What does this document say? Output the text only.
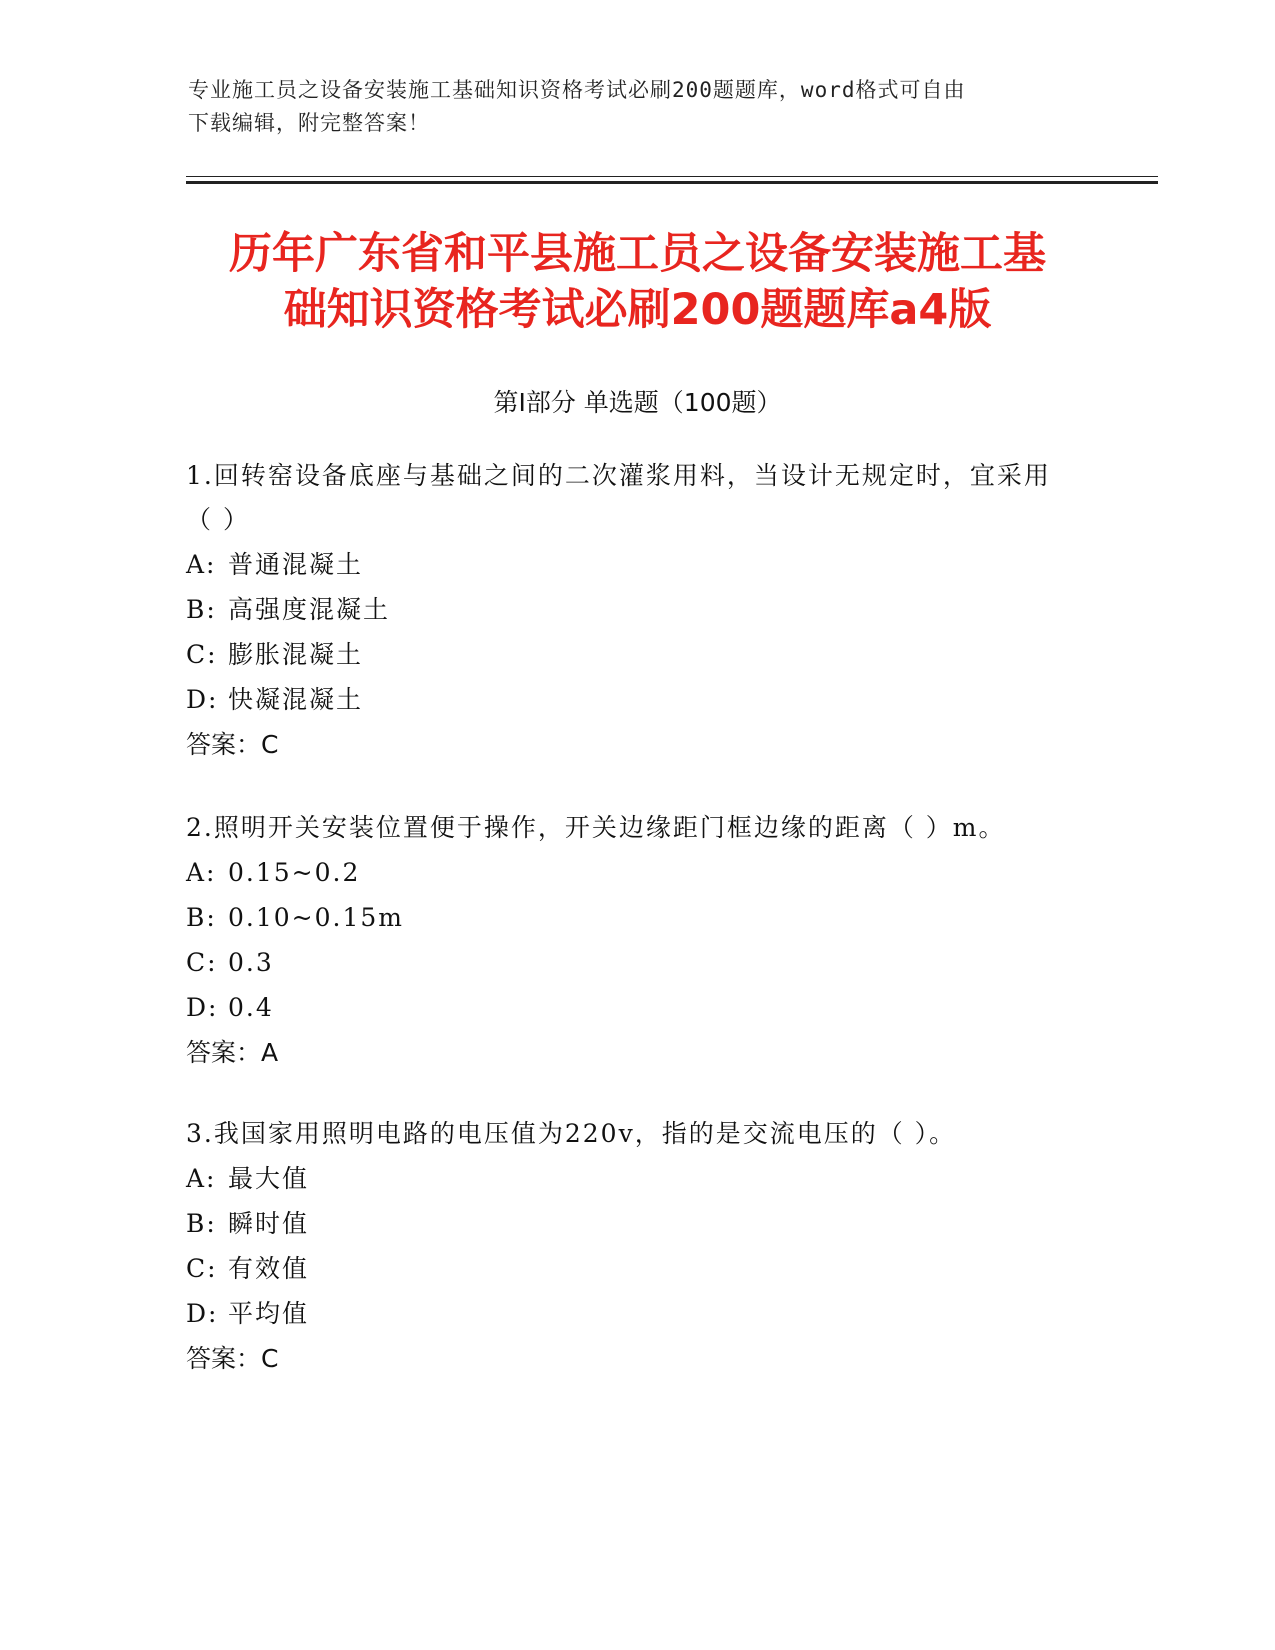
专业施工员之设备安装施工基础知识资格考试必刷200题题库，word格式可自由
下载编辑，附完整答案！
历年广东省和平县施工员之设备安装施工基
础知识资格考试必刷200题题库a4版
第Ⅰ部分 单选题（100题）

1.回转窑设备底座与基础之间的二次灌浆用料，当设计无规定时，宜采用（ ）

A: 普通混凝土

B: 高强度混凝土

C: 膨胀混凝土

D: 快凝混凝土

答案：C

2.照明开关安装位置便于操作，开关边缘距门框边缘的距离（ ）m。

A: 0.15~0.2

B: 0.10~0.15m

C: 0.3

D: 0.4

答案：A

3.我国家用照明电路的电压值为220v，指的是交流电压的（ ）。

A: 最大值

B: 瞬时值

C: 有效值

D: 平均值

答案：C
